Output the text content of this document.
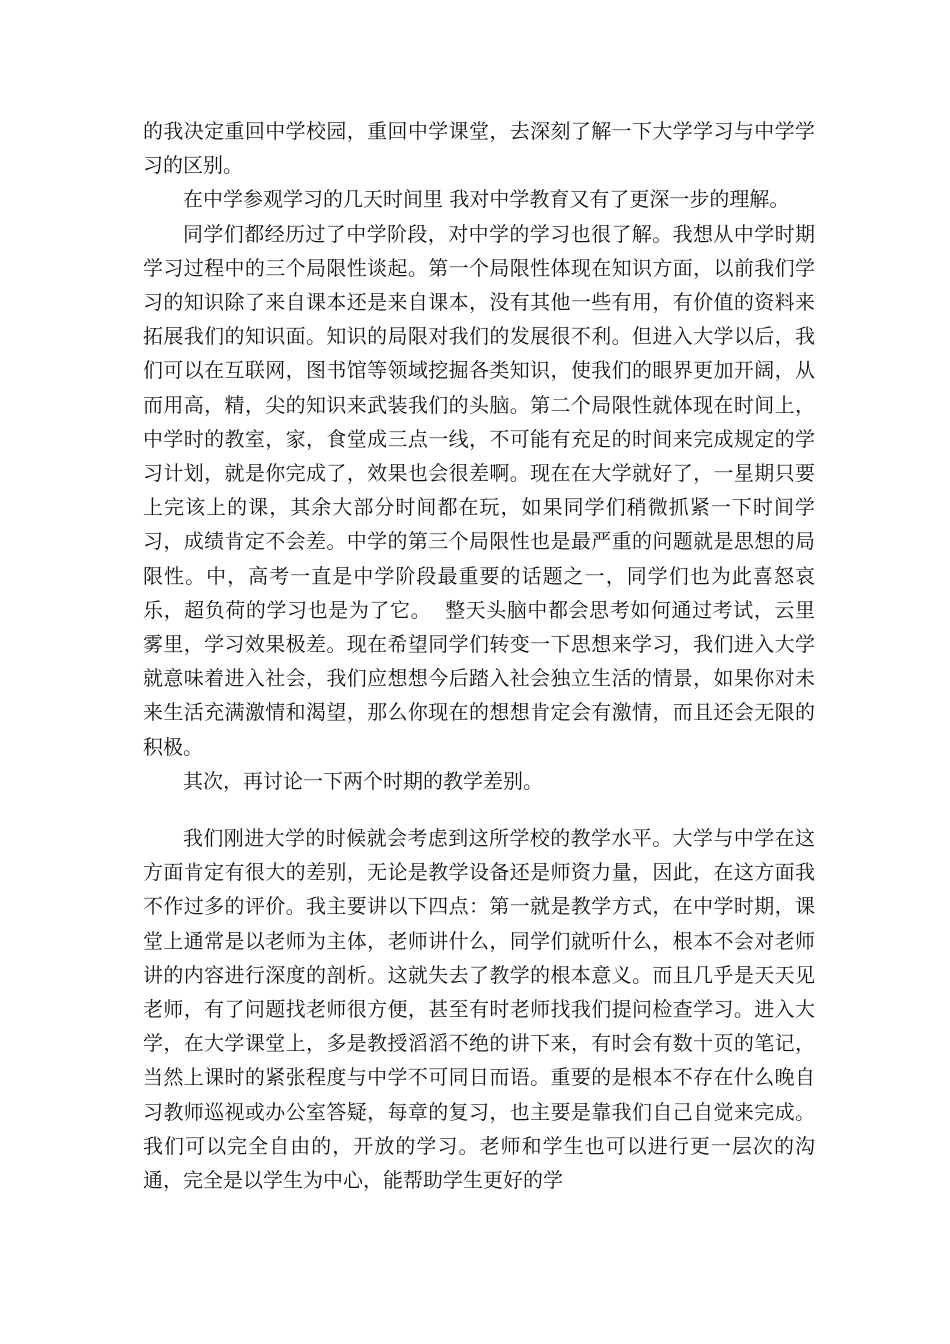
的我决定重回中学校园，重回中学课堂，去深刻了解一下大学学习与中学学习的区别。

在中学参观学习的几天时间里 我对中学教育又有了更深一步的理解。

同学们都经历过了中学阶段，对中学的学习也很了解。我想从中学时期学习过程中的三个局限性谈起。第一个局限性体现在知识方面，以前我们学习的知识除了来自课本还是来自课本，没有其他一些有用，有价值的资料来拓展我们的知识面。知识的局限对我们的发展很不利。但进入大学以后，我们可以在互联网，图书馆等领域挖掘各类知识，使我们的眼界更加开阔，从而用高，精，尖的知识来武装我们的头脑。第二个局限性就体现在时间上，中学时的教室，家，食堂成三点一线，不可能有充足的时间来完成规定的学习计划，就是你完成了，效果也会很差啊。现在在大学就好了，一星期只要上完该上的课，其余大部分时间都在玩，如果同学们稍微抓紧一下时间学习，成绩肯定不会差。中学的第三个局限性也是最严重的问题就是思想的局限性。中，高考一直是中学阶段最重要的话题之一，同学们也为此喜怒哀乐，超负荷的学习也是为了它。  整天头脑中都会思考如何通过考试，云里雾里，学习效果极差。现在希望同学们转变一下思想来学习，我们进入大学就意味着进入社会，我们应想想今后踏入社会独立生活的情景，如果你对未来生活充满激情和渴望，那么你现在的想想肯定会有激情，而且还会无限的积极。

其次，再讨论一下两个时期的教学差别。

我们刚进大学的时候就会考虑到这所学校的教学水平。大学与中学在这方面肯定有很大的差别，无论是教学设备还是师资力量，因此，在这方面我不作过多的评价。我主要讲以下四点：第一就是教学方式，在中学时期，课堂上通常是以老师为主体，老师讲什么，同学们就听什么，根本不会对老师讲的内容进行深度的剖析。这就失去了教学的根本意义。而且几乎是天天见老师，有了问题找老师很方便，甚至有时老师找我们提问检查学习。进入大学，在大学课堂上，多是教授滔滔不绝的讲下来，有时会有数十页的笔记，当然上课时的紧张程度与中学不可同日而语。重要的是根本不存在什么晚自习教师巡视或办公室答疑，每章的复习，也主要是靠我们自己自觉来完成。我们可以完全自由的，开放的学习。老师和学生也可以进行更一层次的沟通，完全是以学生为中心，能帮助学生更好的学
